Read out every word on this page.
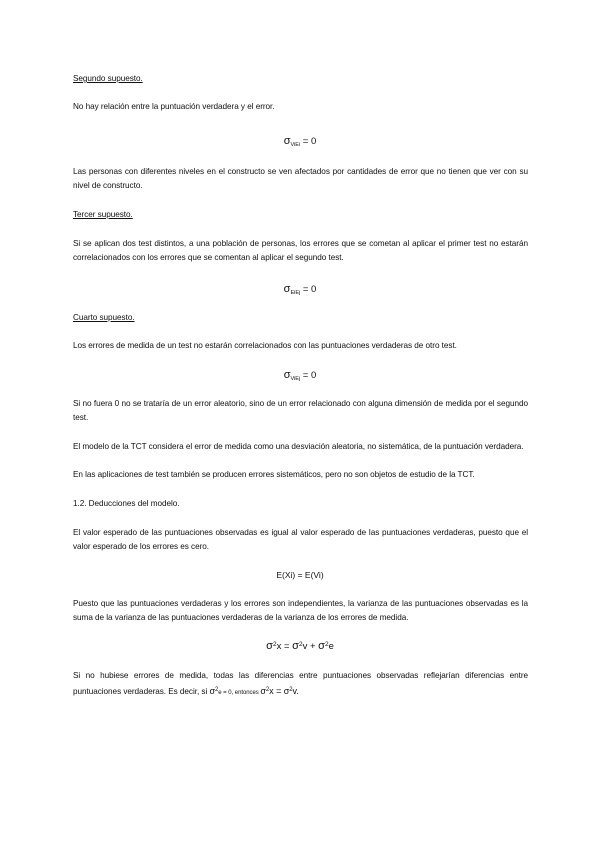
Segundo supuesto.
No hay relación entre la puntuación verdadera y el error.
$\sigma_{ViEi} = 0$
Las personas con diferentes niveles en el constructo se ven afectados por cantidades de error que no tienen que ver con su nivel de constructo.
Tercer supuesto.
Si se aplican dos test distintos, a una población de personas, los errores que se cometan al aplicar el primer test no estarán correlacionados con los errores que se comentan al aplicar el segundo test.
$\sigma_{EiEj} = 0$
Cuarto supuesto.
Los errores de medida de un test no estarán correlacionados con las puntuaciones verdaderas de otro test.
$\sigma_{ViEj} = 0$
Si no fuera 0 no se trataría de un error aleatorio, sino de un error relacionado con alguna dimensión de medida por el segundo test.
El modelo de la TCT considera el error de medida como una desviación aleatoria, no sistemática, de la puntuación verdadera.
En las aplicaciones de test también se producen errores sistemáticos, pero no son objetos de estudio de la TCT.
1.2. Deducciones del modelo.
El valor esperado de las puntuaciones observadas es igual al valor esperado de las puntuaciones verdaderas, puesto que el valor esperado de los errores es cero.
E(Xi) = E(Vi)
Puesto que las puntuaciones verdaderas y los errores son independientes, la varianza de las puntuaciones observadas es la suma de la varianza de las puntuaciones verdaderas de la varianza de los errores de medida.
$\sigma^2x = \sigma^2v + \sigma^2e$
Si no hubiese errores de medida, todas las diferencias entre puntuaciones observadas reflejarían diferencias entre puntuaciones verdaderas. Es decir, si $\sigma^2e = 0$, entonces $\sigma^2x = \sigma^2v$.
